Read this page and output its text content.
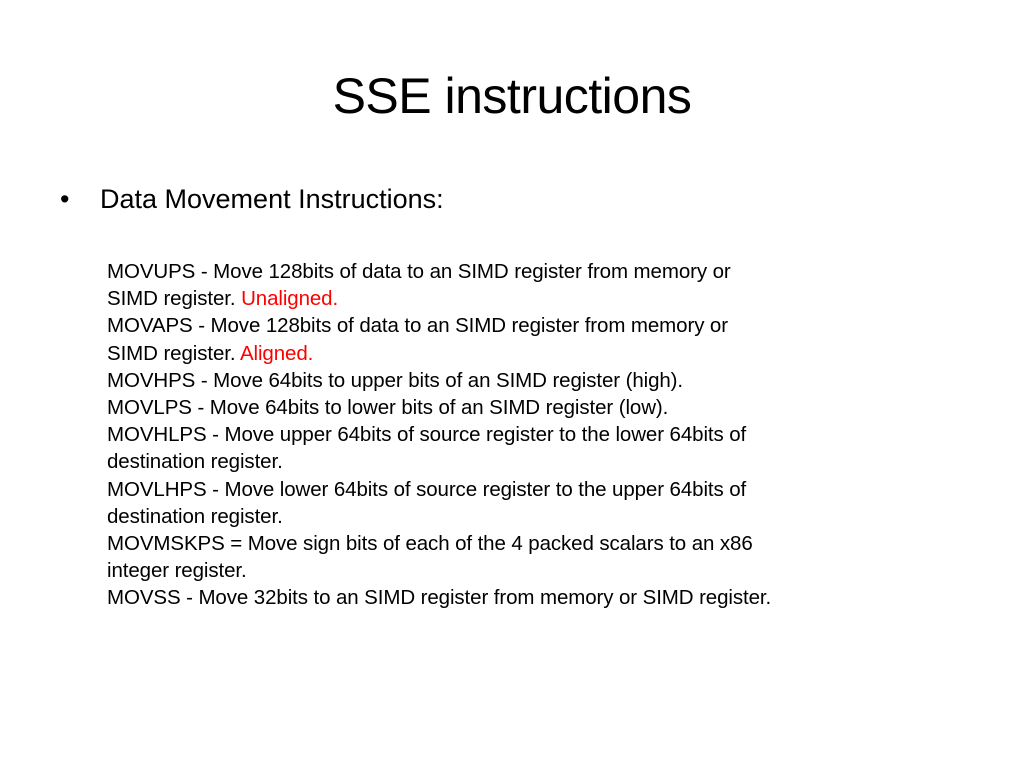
SSE instructions
• Data Movement Instructions:
MOVUPS - Move 128bits of data to an SIMD register from memory or
SIMD register. Unaligned.
MOVAPS - Move 128bits of data to an SIMD register from memory or
SIMD register. Aligned.
MOVHPS - Move 64bits to upper bits of an SIMD register (high).
MOVLPS - Move 64bits to lower bits of an SIMD register (low).
MOVHLPS - Move upper 64bits of source register to the lower 64bits of
destination register.
MOVLHPS - Move lower 64bits of source register to the upper 64bits of
destination register.
MOVMSKPS = Move sign bits of each of the 4 packed scalars to an x86
integer register.
MOVSS - Move 32bits to an SIMD register from memory or SIMD register.
